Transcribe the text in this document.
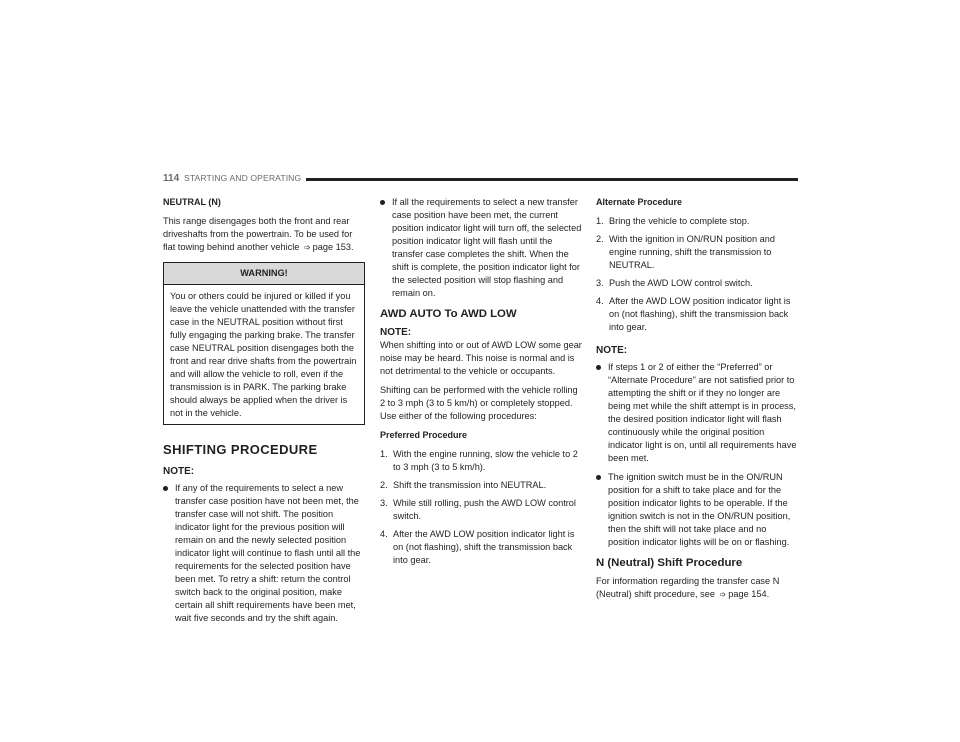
114 STARTING AND OPERATING
NEUTRAL (N)

This range disengages both the front and rear driveshafts from the powertrain. To be used for flat towing behind another vehicle ➩ page 153.

WARNING!
You or others could be injured or killed if you leave the vehicle unattended with the transfer case in the NEUTRAL position without first fully engaging the parking brake. The transfer case NEUTRAL position disengages both the front and rear drive shafts from the powertrain and will allow the vehicle to roll, even if the transmission is in PARK. The parking brake should always be applied when the driver is not in the vehicle.
SHIFTING PROCEDURE
NOTE:
If any of the requirements to select a new transfer case position have not been met, the transfer case will not shift. The position indicator light for the previous position will remain on and the newly selected position indicator light will continue to flash until all the requirements for the selected position have been met. To retry a shift: return the control switch back to the original position, make certain all shift requirements have been met, wait five seconds and try the shift again.
If all the requirements to select a new transfer case position have been met, the current position indicator light will turn off, the selected position indicator light will flash until the transfer case completes the shift. When the shift is complete, the position indicator light for the selected position will stop flashing and remain on.
AWD AUTO To AWD LOW
NOTE:

When shifting into or out of AWD LOW some gear noise may be heard. This noise is normal and is not detrimental to the vehicle or occupants.

Shifting can be performed with the vehicle rolling 2 to 3 mph (3 to 5 km/h) or completely stopped. Use either of the following procedures:

Preferred Procedure
1. With the engine running, slow the vehicle to 2 to 3 mph (3 to 5 km/h).
2. Shift the transmission into NEUTRAL.
3. While still rolling, push the AWD LOW control switch.
4. After the AWD LOW position indicator light is on (not flashing), shift the transmission back into gear.
Alternate Procedure
1. Bring the vehicle to complete stop.
2. With the ignition in ON/RUN position and engine running, shift the transmission to NEUTRAL.
3. Push the AWD LOW control switch.
4. After the AWD LOW position indicator light is on (not flashing), shift the transmission back into gear.
NOTE:
If steps 1 or 2 of either the “Preferred” or “Alternate Procedure” are not satisfied prior to attempting the shift or if they no longer are being met while the shift attempt is in process, the desired position indicator light will flash continuously while the original position indicator light is on, until all requirements have been met.
The ignition switch must be in the ON/RUN position for a shift to take place and for the position indicator lights to be operable. If the ignition switch is not in the ON/RUN position, then the shift will not take place and no position indicator lights will be on or flashing.
N (Neutral) Shift Procedure

For information regarding the transfer case N (Neutral) shift procedure, see ➩ page 154.
